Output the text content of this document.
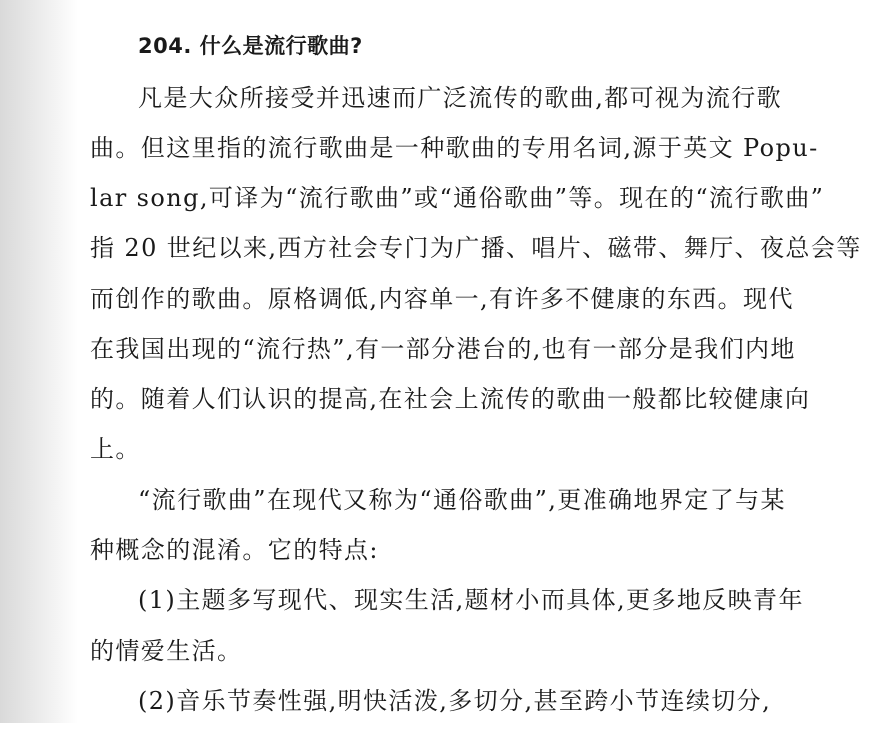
204. 什么是流行歌曲?
凡是大众所接受并迅速而广泛流传的歌曲,都可视为流行歌
曲。但这里指的流行歌曲是一种歌曲的专用名词,源于英文 Popu-
lar song,可译为“流行歌曲”或“通俗歌曲”等。现在的“流行歌曲”
指 20 世纪以来,西方社会专门为广播、唱片、磁带、舞厅、夜总会等
而创作的歌曲。原格调低,内容单一,有许多不健康的东西。现代
在我国出现的“流行热”,有一部分港台的,也有一部分是我们内地
的。随着人们认识的提高,在社会上流传的歌曲一般都比较健康向
上。
“流行歌曲”在现代又称为“通俗歌曲”,更准确地界定了与某
种概念的混淆。它的特点:
(1)主题多写现代、现实生活,题材小而具体,更多地反映青年
的情爱生活。
(2)音乐节奏性强,明快活泼,多切分,甚至跨小节连续切分,
